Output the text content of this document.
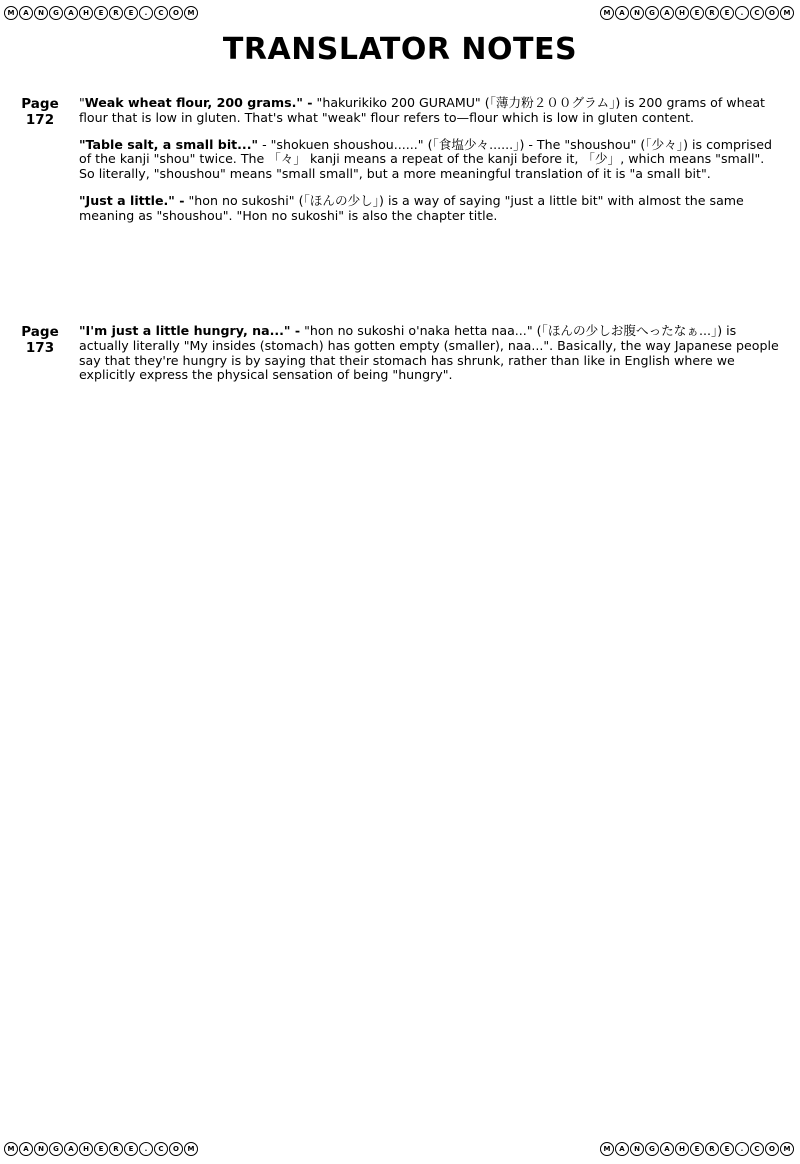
M	A	N	G	A	H	E	R	E	.	C	O	M	M	A	N	G	A	H	E	R	E	.	C	O	M
M	A	N	G	A	H	E	R	E	.	C	O	M	M	A	N	G	A	H	E	R	E	.	C	O	M
TRANSLATOR NOTES
Page
172

"Weak wheat flour, 200 grams." - "hakurikiko 200 GURAMU" (「薄力粉２００グラム」) is 200 grams of wheat flour that is low in gluten. That's what "weak" flour refers to—flour which is low in gluten content.

"Table salt, a small bit..." - "shokuen shoushou......" (「食塩少々......」) - The "shoushou" (「少々」) is comprised of the kanji "shou" twice. The 「々」 kanji means a repeat of the kanji before it, 「少」, which means "small". So literally, "shoushou" means "small small", but a more meaningful translation of it is "a small bit".

"Just a little." - "hon no sukoshi" (「ほんの少し」) is a way of saying "just a little bit" with almost the same meaning as "shoushou". "Hon no sukoshi" is also the chapter title.

Page
173

"I'm just a little hungry, na..." - "hon no sukoshi o'naka hetta naa..." (「ほんの少しお腹へったなぁ...」) is actually literally "My insides (stomach) has gotten empty (smaller), naa...". Basically, the way Japanese people say that they're hungry is by saying that their stomach has shrunk, rather than like in English where we explicitly express the physical sensation of being "hungry".
